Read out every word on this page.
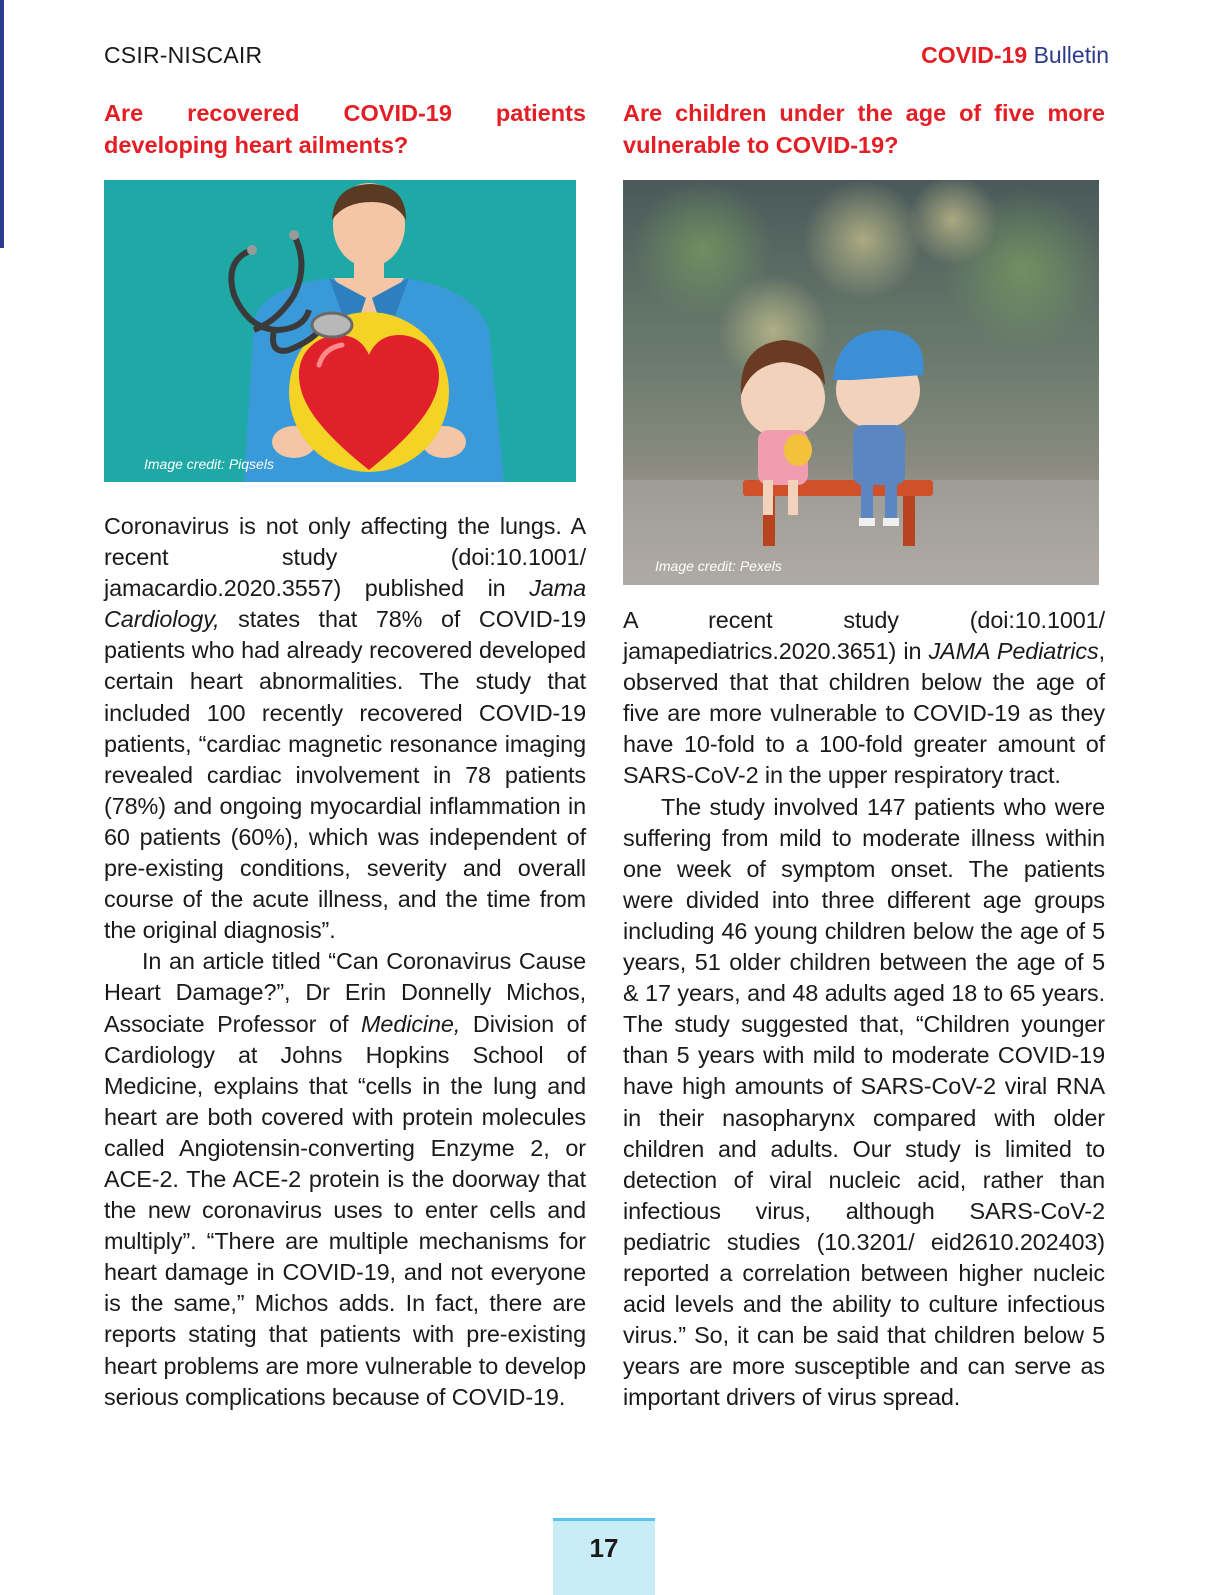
CSIR-NISCAIR	COVID-19 Bulletin
Are recovered COVID-19 patients developing heart ailments?
Image credit: Piqsels

Coronavirus is not only affecting the lungs. A recent study (doi:10.1001/ jamacardio.2020.3557) published in Jama Cardiology, states that 78% of COVID-19 patients who had already recovered developed certain heart abnormalities. The study that included 100 recently recovered COVID-19 patients, “cardiac magnetic resonance imaging revealed cardiac involvement in 78 patients (78%) and ongoing myocardial inflammation in 60 patients (60%), which was independent of pre-existing conditions, severity and overall course of the acute illness, and the time from the original diagnosis”.

In an article titled “Can Coronavirus Cause Heart Damage?”, Dr Erin Donnelly Michos, Associate Professor of Medicine, Division of Cardiology at Johns Hopkins School of Medicine, explains that “cells in the lung and heart are both covered with protein molecules called Angiotensin-converting Enzyme 2, or ACE-2. The ACE-2 protein is the doorway that the new coronavirus uses to enter cells and multiply”. “There are multiple mechanisms for heart damage in COVID-19, and not everyone is the same,” Michos adds. In fact, there are reports stating that patients with pre-existing heart problems are more vulnerable to develop serious complications because of COVID-19.

Are children under the age of five more vulnerable to COVID-19?
Image credit: Pexels

A recent study (doi:10.1001/ jamapediatrics.2020.3651) in JAMA Pediatrics, observed that that children below the age of five are more vulnerable to COVID-19 as they have 10-fold to a 100-fold greater amount of SARS-CoV-2 in the upper respiratory tract.

The study involved 147 patients who were suffering from mild to moderate illness within one week of symptom onset. The patients were divided into three different age groups including 46 young children below the age of 5 years, 51 older children between the age of 5 & 17 years, and 48 adults aged 18 to 65 years. The study suggested that, “Children younger than 5 years with mild to moderate COVID-19 have high amounts of SARS-CoV-2 viral RNA in their nasopharynx compared with older children and adults. Our study is limited to detection of viral nucleic acid, rather than infectious virus, although SARS-CoV-2 pediatric studies (10.3201/ eid2610.202403) reported a correlation between higher nucleic acid levels and the ability to culture infectious virus.” So, it can be said that children below 5 years are more susceptible and can serve as important drivers of virus spread.

17
